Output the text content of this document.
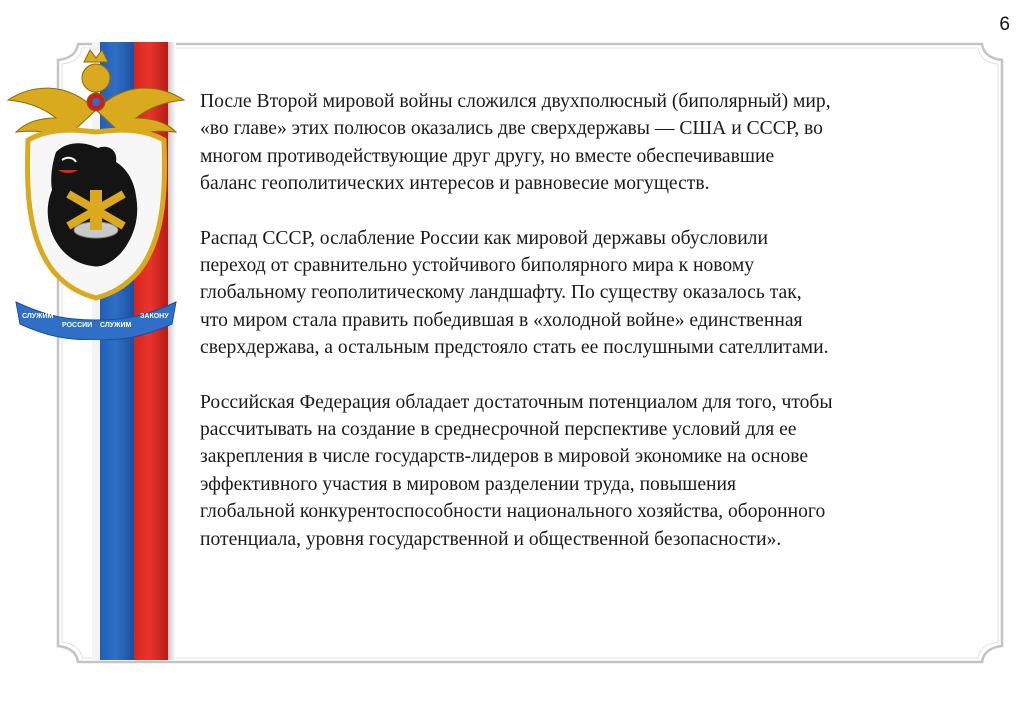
6
СЛУЖИМ
РОССИИ СЛУЖИМ
ЗАКОНУ

После Второй мировой войны сложился двухполюсный (биполярный) мир,
«во главе» этих полюсов оказались две сверхдержавы — США и СССР, во
многом противодействующие друг другу, но вместе обеспечивавшие
баланс геополитических интересов и равновесие могуществ.

Распад СССР, ослабление России как мировой державы обусловили
переход от сравнительно устойчивого биполярного мира к новому
глобальному геополитическому ландшафту. По существу оказалось так,
что миром стала править победившая в «холодной войне» единственная
сверхдержава, а остальным предстояло стать ее послушными сателлитами.

Российская Федерация обладает достаточным потенциалом для того, чтобы
рассчитывать на создание в среднесрочной перспективе условий для ее
закрепления в числе государств-лидеров в мировой экономике на основе
эффективного участия в мировом разделении труда, повышения
глобальной конкурентоспособности национального хозяйства, оборонного
потенциала, уровня государственной и общественной безопасности».
